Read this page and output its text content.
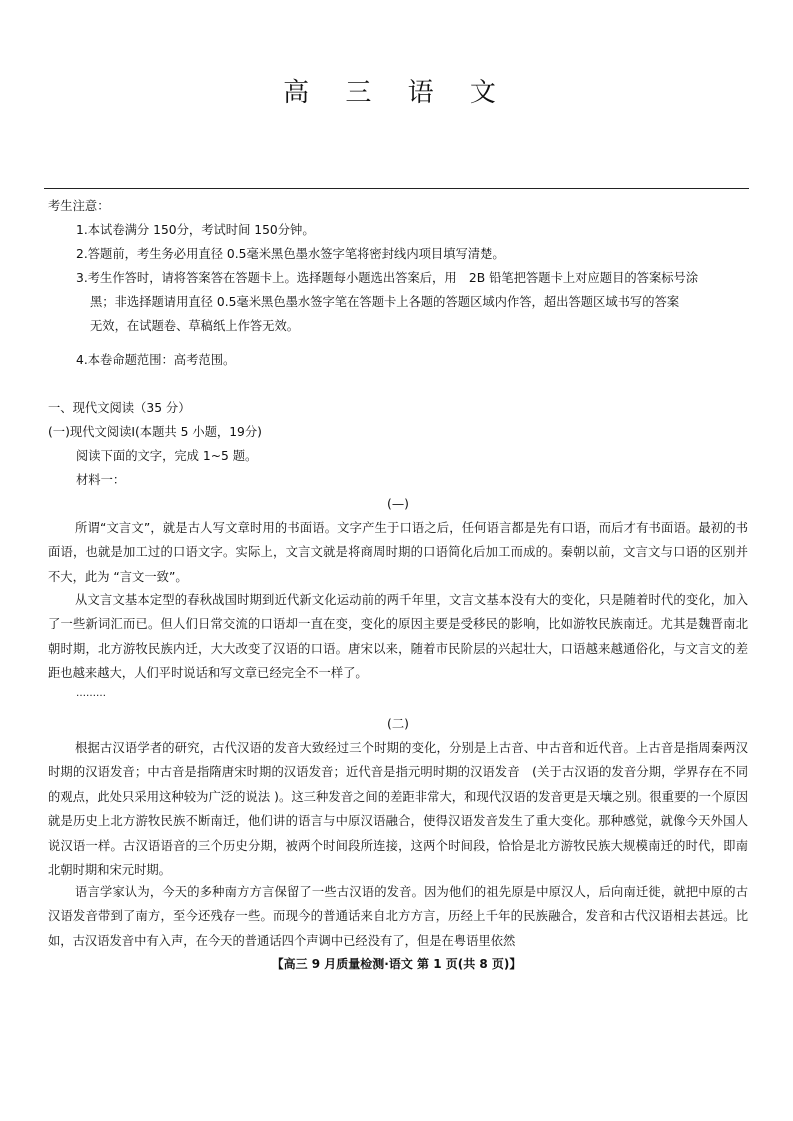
高 三 语 文

考生注意：

1.本试卷满分 150分，考试时间 150分钟。

2.答题前，考生务必用直径 0.5毫米黑色墨水签字笔将密封线内项目填写清楚。

3.考生作答时，请将答案答在答题卡上。选择题每小题选出答案后，用　2B 铅笔把答题卡上对应题目的答案标号涂

黑；非选择题请用直径 0.5毫米黑色墨水签字笔在答题卡上各题的答题区域内作答，超出答题区域书写的答案

无效，在试题卷、草稿纸上作答无效。

4.本卷命题范围：高考范围。

一、现代文阅读（35 分）

(一)现代文阅读Ⅰ(本题共 5 小题，19分)

阅读下面的文字，完成 1~5 题。

材料一：

(—)

所谓“文言文”，就是古人写文章时用的书面语。文字产生于口语之后，任何语言都是先有口语，而后才有书面语。最初的书面语，也就是加工过的口语文字。实际上，文言文就是将商周时期的口语简化后加工而成的。秦朝以前，文言文与口语的区别并不大，此为 “言文一致”。

从文言文基本定型的春秋战国时期到近代新文化运动前的两千年里，文言文基本没有大的变化，只是随着时代的变化，加入了一些新词汇而已。但人们日常交流的口语却一直在变，变化的原因主要是受移民的影响，比如游牧民族南迁。尤其是魏晋南北朝时期，北方游牧民族内迁，大大改变了汉语的口语。唐宋以来，随着市民阶层的兴起壮大，口语越来越通俗化，与文言文的差距也越来越大，人们平时说话和写文章已经完全不一样了。

………

(二)

根据古汉语学者的研究，古代汉语的发音大致经过三个时期的变化，分别是上古音、中古音和近代音。上古音是指周秦两汉时期的汉语发音；中古音是指隋唐宋时期的汉语发音；近代音是指元明时期的汉语发音　(关于古汉语的发音分期，学界存在不同的观点，此处只采用这种较为广泛的说法 )。这三种发音之间的差距非常大，和现代汉语的发音更是天壤之别。很重要的一个原因就是历史上北方游牧民族不断南迁，他们讲的语言与中原汉语融合，使得汉语发音发生了重大变化。那种感觉，就像今天外国人说汉语一样。古汉语语音的三个历史分期，被两个时间段所连接，这两个时间段，恰恰是北方游牧民族大规模南迁的时代，即南北朝时期和宋元时期。

语言学家认为，今天的多种南方方言保留了一些古汉语的发音。因为他们的祖先原是中原汉人，后向南迁徙，就把中原的古汉语发音带到了南方，至今还残存一些。而现今的普通话来自北方方言，历经上千年的民族融合，发音和古代汉语相去甚远。比如，古汉语发音中有入声，在今天的普通话四个声调中已经没有了，但是在粤语里依然

【高三 9 月质量检测·语文 第 1 页(共 8 页)】
